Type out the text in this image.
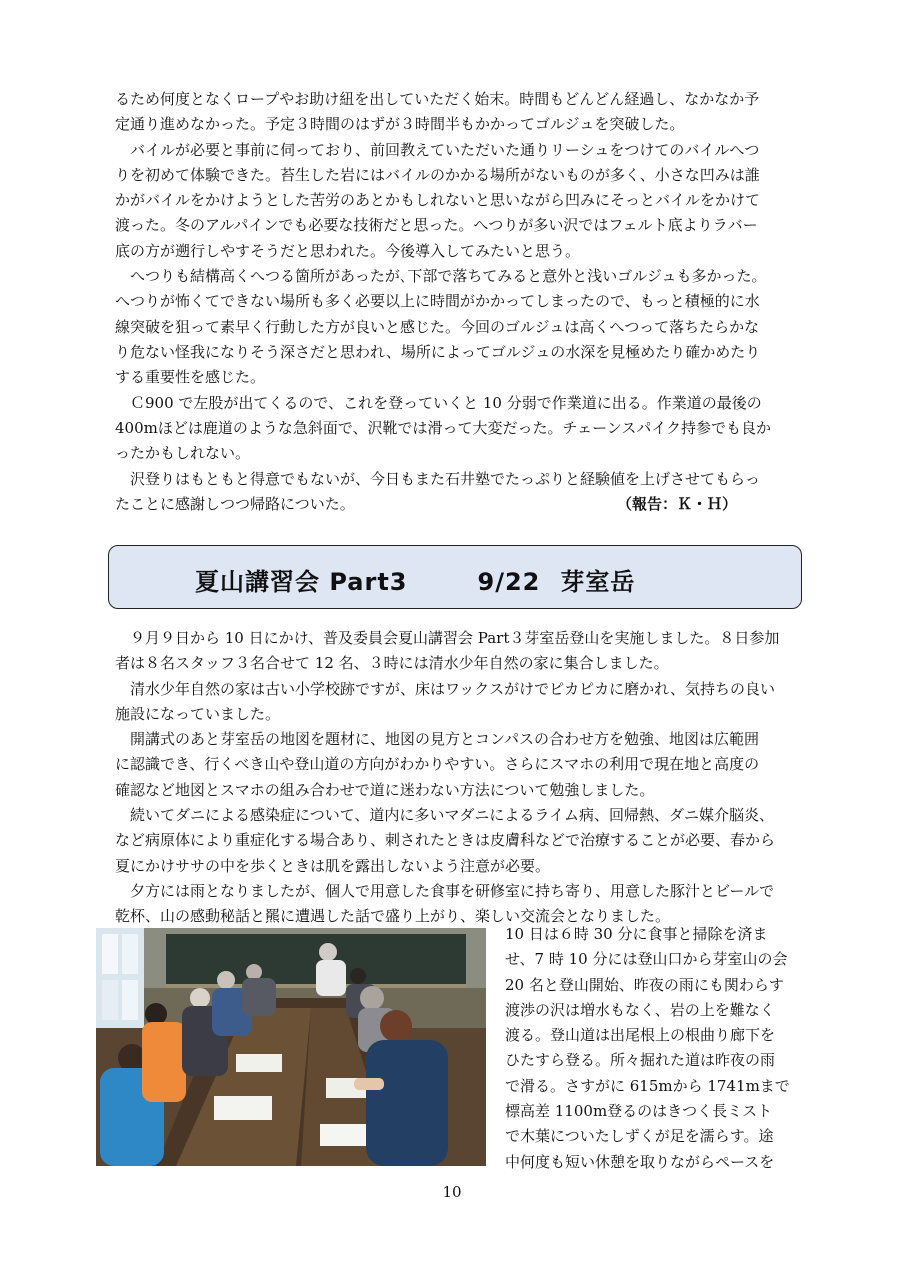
るため何度となくロープやお助け紐を出していただく始末。時間もどんどん経過し、なかなか予
定通り進めなかった。予定３時間のはずが３時間半もかかってゴルジュを突破した。
バイルが必要と事前に伺っており、前回教えていただいた通りリーシュをつけてのバイルへつ
りを初めて体験できた。苔生した岩にはバイルのかかる場所がないものが多く、小さな凹みは誰
かがバイルをかけようとした苦労のあとかもしれないと思いながら凹みにそっとバイルをかけて
渡った。冬のアルパインでも必要な技術だと思った。へつりが多い沢ではフェルト底よりラバー
底の方が遡行しやすそうだと思われた。今後導入してみたいと思う。
へつりも結構高くへつる箇所があったが､下部で落ちてみると意外と浅いゴルジュも多かった。
へつりが怖くてできない場所も多く必要以上に時間がかかってしまったので、もっと積極的に水
線突破を狙って素早く行動した方が良いと感じた。今回のゴルジュは高くへつって落ちたらかな
り危ない怪我になりそう深さだと思われ、場所によってゴルジュの水深を見極めたり確かめたり
する重要性を感じた。
Ｃ900 で左股が出てくるので、これを登っていくと 10 分弱で作業道に出る。作業道の最後の
400mほどは鹿道のような急斜面で、沢靴では滑って大変だった。チェーンスパイク持参でも良か
ったかもしれない。
沢登りはもともと得意でもないが、今日もまた石井塾でたっぷりと経験値を上げさせてもらっ
たことに感謝しつつ帰路についた。	（報告：Ｋ・Ｈ）
夏山講習会 Part3	9/22 芽室岳
９月９日から 10 日にかけ、普及委員会夏山講習会 Part３芽室岳登山を実施しました。８日参加
者は８名スタッフ３名合せて 12 名、３時には清水少年自然の家に集合しました。
清水少年自然の家は古い小学校跡ですが、床はワックスがけでピカピカに磨かれ、気持ちの良い
施設になっていました。
開講式のあと芽室岳の地図を題材に、地図の見方とコンパスの合わせ方を勉強、地図は広範囲
に認識でき、行くべき山や登山道の方向がわかりやすい。さらにスマホの利用で現在地と高度の
確認など地図とスマホの組み合わせで道に迷わない方法について勉強しました。
続いてダニによる感染症について、道内に多いマダニによるライム病、回帰熱、ダニ媒介脳炎、
など病原体により重症化する場合あり、刺されたときは皮膚科などで治療することが必要、春から
夏にかけササの中を歩くときは肌を露出しないよう注意が必要。
夕方には雨となりましたが、個人で用意した食事を研修室に持ち寄り、用意した豚汁とビールで
乾杯、山の感動秘話と羆に遭遇した話で盛り上がり、楽しい交流会となりました。
10 日は６時 30 分に食事と掃除を済ま
せ、7 時 10 分には登山口から芽室山の会
20 名と登山開始、昨夜の雨にも関わらす
渡渉の沢は増水もなく、岩の上を難なく
渡る。登山道は出尾根上の根曲り廊下を
ひたすら登る。所々掘れた道は昨夜の雨
で滑る。さすがに 615mから 1741mまで
標高差 1100m登るのはきつく長ミスト
で木葉についたしずくが足を濡らす。途
中何度も短い休憩を取りながらペースを
10
